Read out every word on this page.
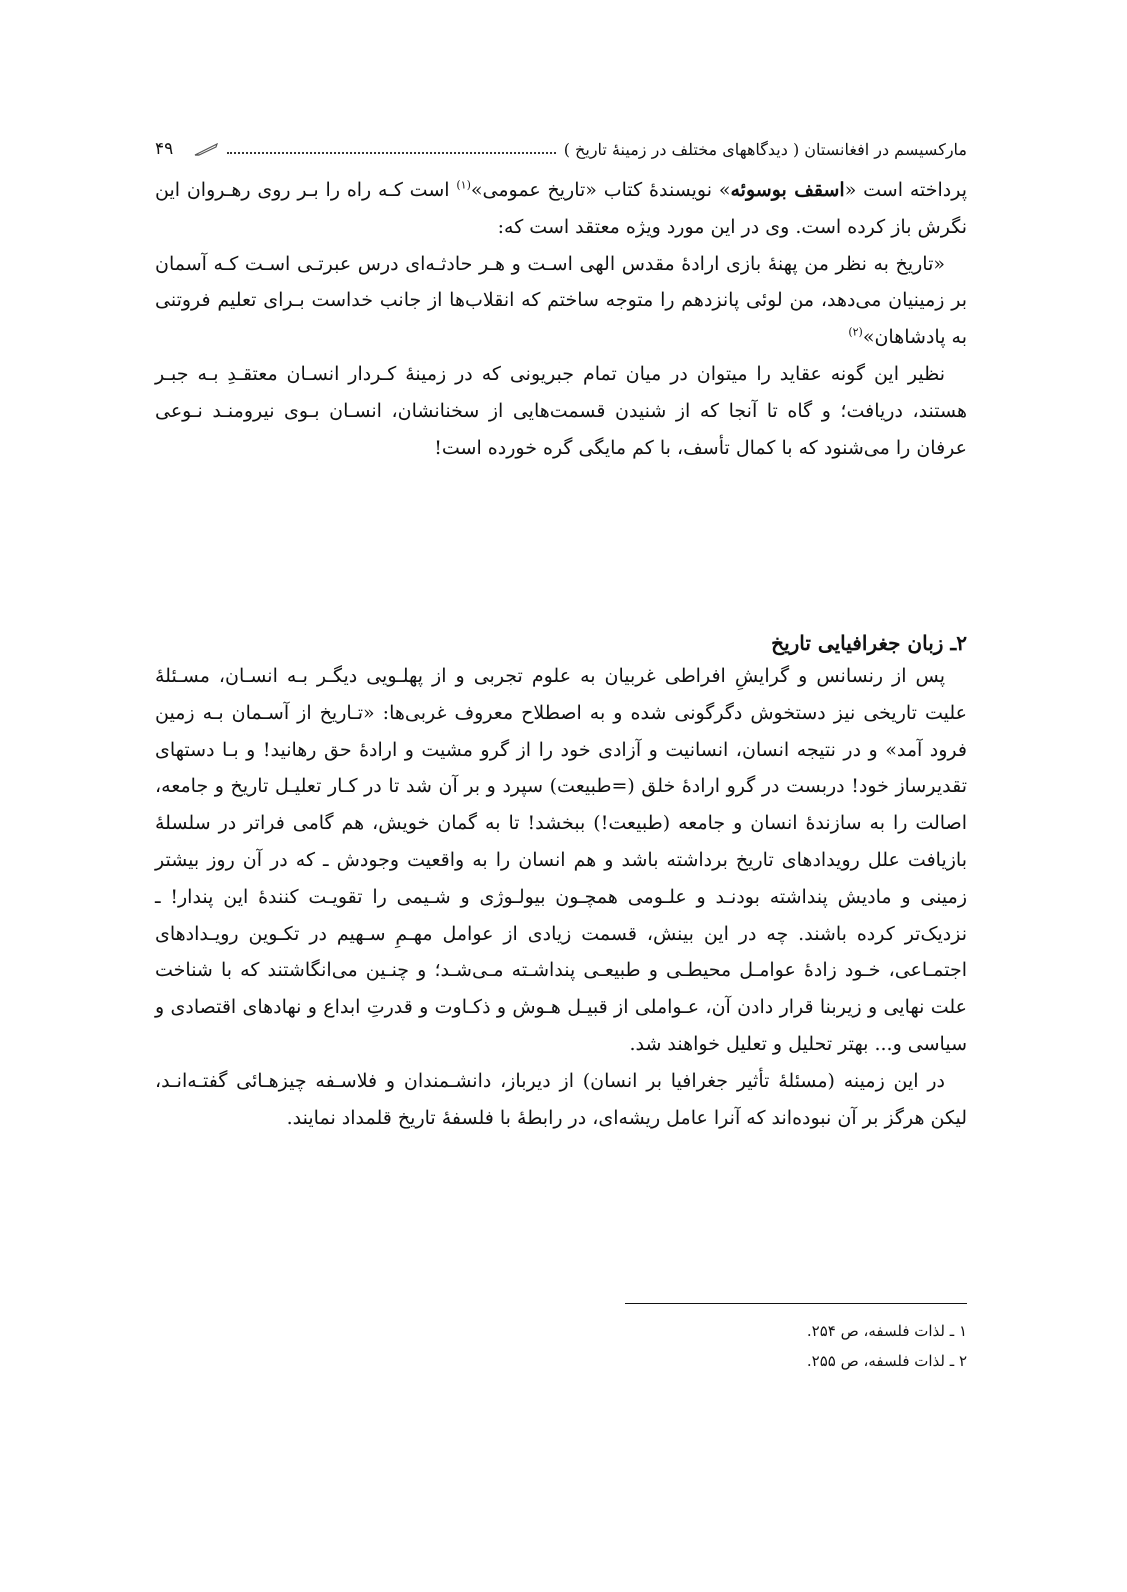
مارکسیسم در افغانستان ( دیدگاههای مختلف در زمینهٔ تاریخ )
۴۹

پرداخته است «اسقف بوسوئه» نویسندهٔ کتاب «تاریخ عمومی»$^{(۱)}$ است کـه راه را بـر روی رهـروان این نگرش باز کرده است. وی در این مورد ویژه معتقد است که:

«تاریخ به نظر من پهنهٔ بازی ارادهٔ مقدس الهی اسـت و هـر حادثـه‌ای درس عبرتـی اسـت کـه آسمان بر زمینیان می‌دهد، من لوئی پانزدهم را متوجه ساختم که انقلاب‌ها از جانب خداست بـرای تعلیم فروتنی به پادشاهان»$^{(۲)}$

نظیر این گونه عقاید را میتوان در میان تمام جبریونی که در زمینهٔ کـردار انسـان معتقـدِ بـه جبـر هستند، دریافت؛ و گاه تا آنجا که از شنیدن قسمت‌هایی از سخنانشان، انسـان بـوی نیرومنـد نـوعی عرفان را می‌شنود که با کمال تأسف، با کم مایگی گره خورده است!

۲ـ زبان جغرافیایی تاریخ

پس از رنسانس و گرایشِ افراطی غربیان به علوم تجربی و از پهلـویی دیگـر بـه انسـان، مسـئلهٔ علیت تاریخی نیز دستخوش دگرگونی شده و به اصطلاح معروف غربی‌ها: «تـاریخ از آسـمان بـه زمین فرود آمد» و در نتیجه انسان، انسانیت و آزادی خود را از گرو مشیت و ارادهٔ حق رهانید! و بـا دستهای تقدیرساز خود! دربست در گرو ارادهٔ خلق (=طبیعت) سپرد و بر آن شد تا در کـار تعلیـل تاریخ و جامعه، اصالت را به سازندهٔ انسان و جامعه (طبیعت!) ببخشد! تا به گمان خویش، هم گامی فراتر در سلسلهٔ بازیافت علل رویدادهای تاریخ برداشته باشد و هم انسان را به واقعیت وجودش ـ که در آن روز بیشتر زمینی و مادیش پنداشته بودنـد و علـومی همچـون بیولـوژی و شـیمی را تقویـت کنندهٔ این پندار! ـ نزدیک‌تر کرده باشند. چه در این بینش، قسمت زیادی از عوامل مهـمِ سـهیم در تکـوین رویـدادهای اجتمـاعی، خـود زادهٔ عوامـل محیطـی و طبیعـی پنداشـته مـی‌شـد؛ و چنـین می‌انگاشتند که با شناخت علت نهایی و زیربنا قرار دادن آن، عـواملی از قبیـل هـوش و ذکـاوت و قدرتِ ابداع و نهادهای اقتصادی و سیاسی و... بهتر تحلیل و تعلیل خواهند شد.

در این زمینه (مسئلهٔ تأثیر جغرافیا بر انسان) از دیرباز، دانشـمندان و فلاسـفه چیزهـائی گفتـه‌انـد، لیکن هرگز بر آن نبوده‌اند که آنرا عامل ریشه‌ای، در رابطهٔ با فلسفهٔ تاریخ قلمداد نمایند.

۱ ـ لذات فلسفه، ص ۲۵۴.
۲ ـ لذات فلسفه، ص ۲۵۵.
